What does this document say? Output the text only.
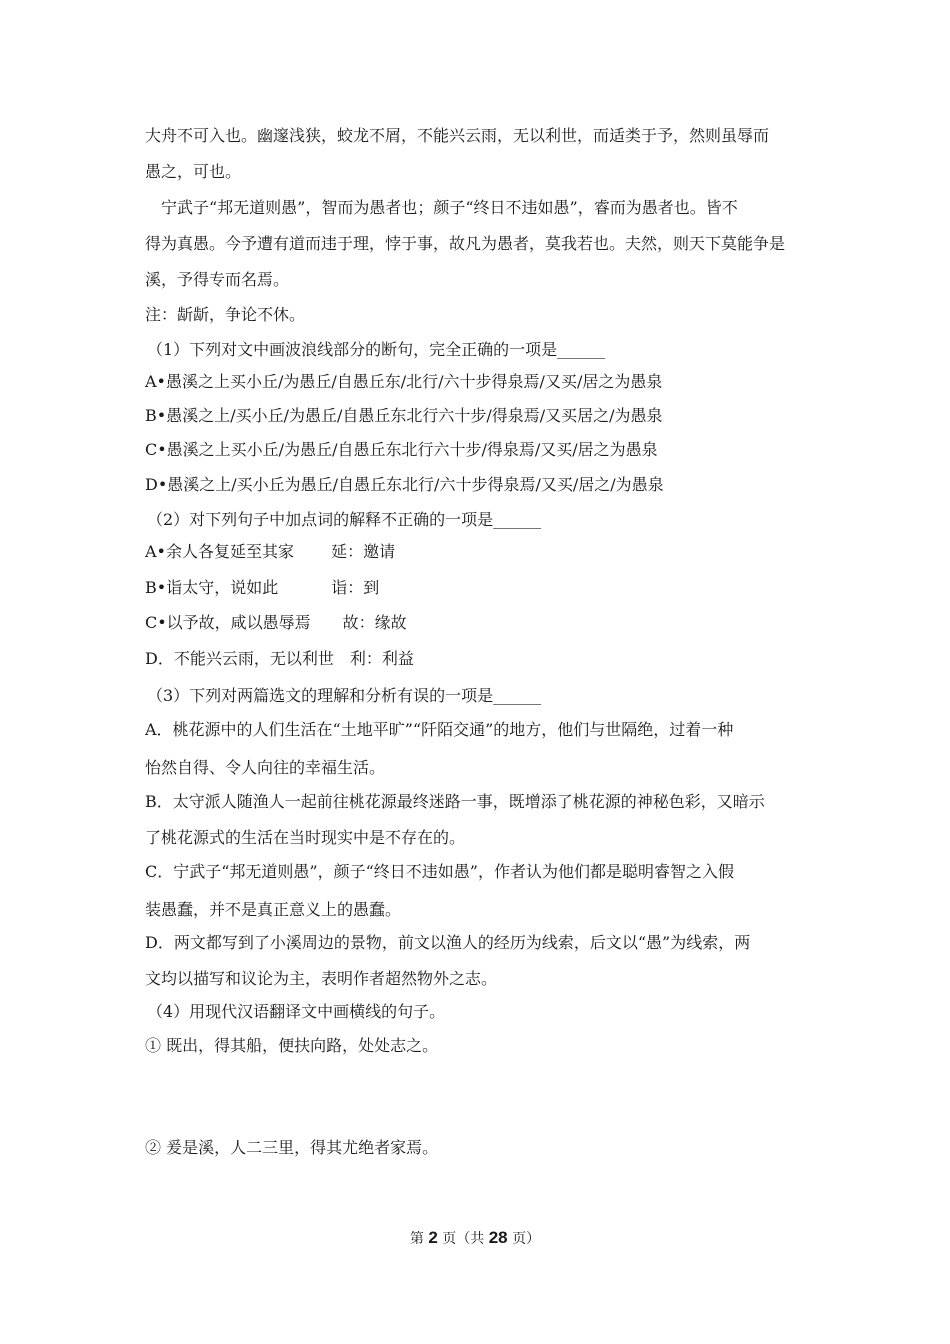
大舟不可入也。幽邃浅狭，蛟龙不屑，不能兴云雨，无以利世，而适类于予，然则虽辱而
愚之，可也。
宁武子“邦无道则愚”，智而为愚者也；颜子“终日不违如愚”，睿而为愚者也。皆不
得为真愚。今予遭有道而违于理，悖于事，故凡为愚者，莫我若也。夫然，则天下莫能争是
溪，予得专而名焉。
注：龂龂，争论不休。
（1）下列对文中画波浪线部分的断句，完全正确的一项是______
A•愚溪之上买小丘/为愚丘/自愚丘东/北行/六十步得泉焉/又买/居之为愚泉
B•愚溪之上/买小丘/为愚丘/自愚丘东北行六十步/得泉焉/又买居之/为愚泉
C•愚溪之上买小丘/为愚丘/自愚丘东北行六十步/得泉焉/又买/居之为愚泉
D•愚溪之上/买小丘为愚丘/自愚丘东北行/六十步得泉焉/又买/居之/为愚泉
（2）对下列句子中加点词的解释不正确的一项是______
A•余人各复延至其家　　 延：邀请
B•诣太守，说如此　　　 诣：到
C•以予故，咸以愚辱焉　　故：缘故
D．不能兴云雨，无以利世　利：利益
（3）下列对两篇选文的理解和分析有误的一项是______
A．桃花源中的人们生活在“土地平旷”“阡陌交通”的地方，他们与世隔绝，过着一种
怡然自得、令人向往的幸福生活。
B．太守派人随渔人一起前往桃花源最终迷路一事，既增添了桃花源的神秘色彩，又暗示
了桃花源式的生活在当时现实中是不存在的。
C．宁武子“邦无道则愚”，颜子“终日不违如愚”，作者认为他们都是聪明睿智之入假
装愚蠢，并不是真正意义上的愚蠢。
D．两文都写到了小溪周边的景物，前文以渔人的经历为线索，后文以“愚”为线索，两
文均以描写和议论为主，表明作者超然物外之志。
（4）用现代汉语翻译文中画横线的句子。
① 既出，得其船，便扶向路，处处志之。
② 爰是溪，人二三里，得其尤绝者家焉。
第 2 页（共 28 页）
